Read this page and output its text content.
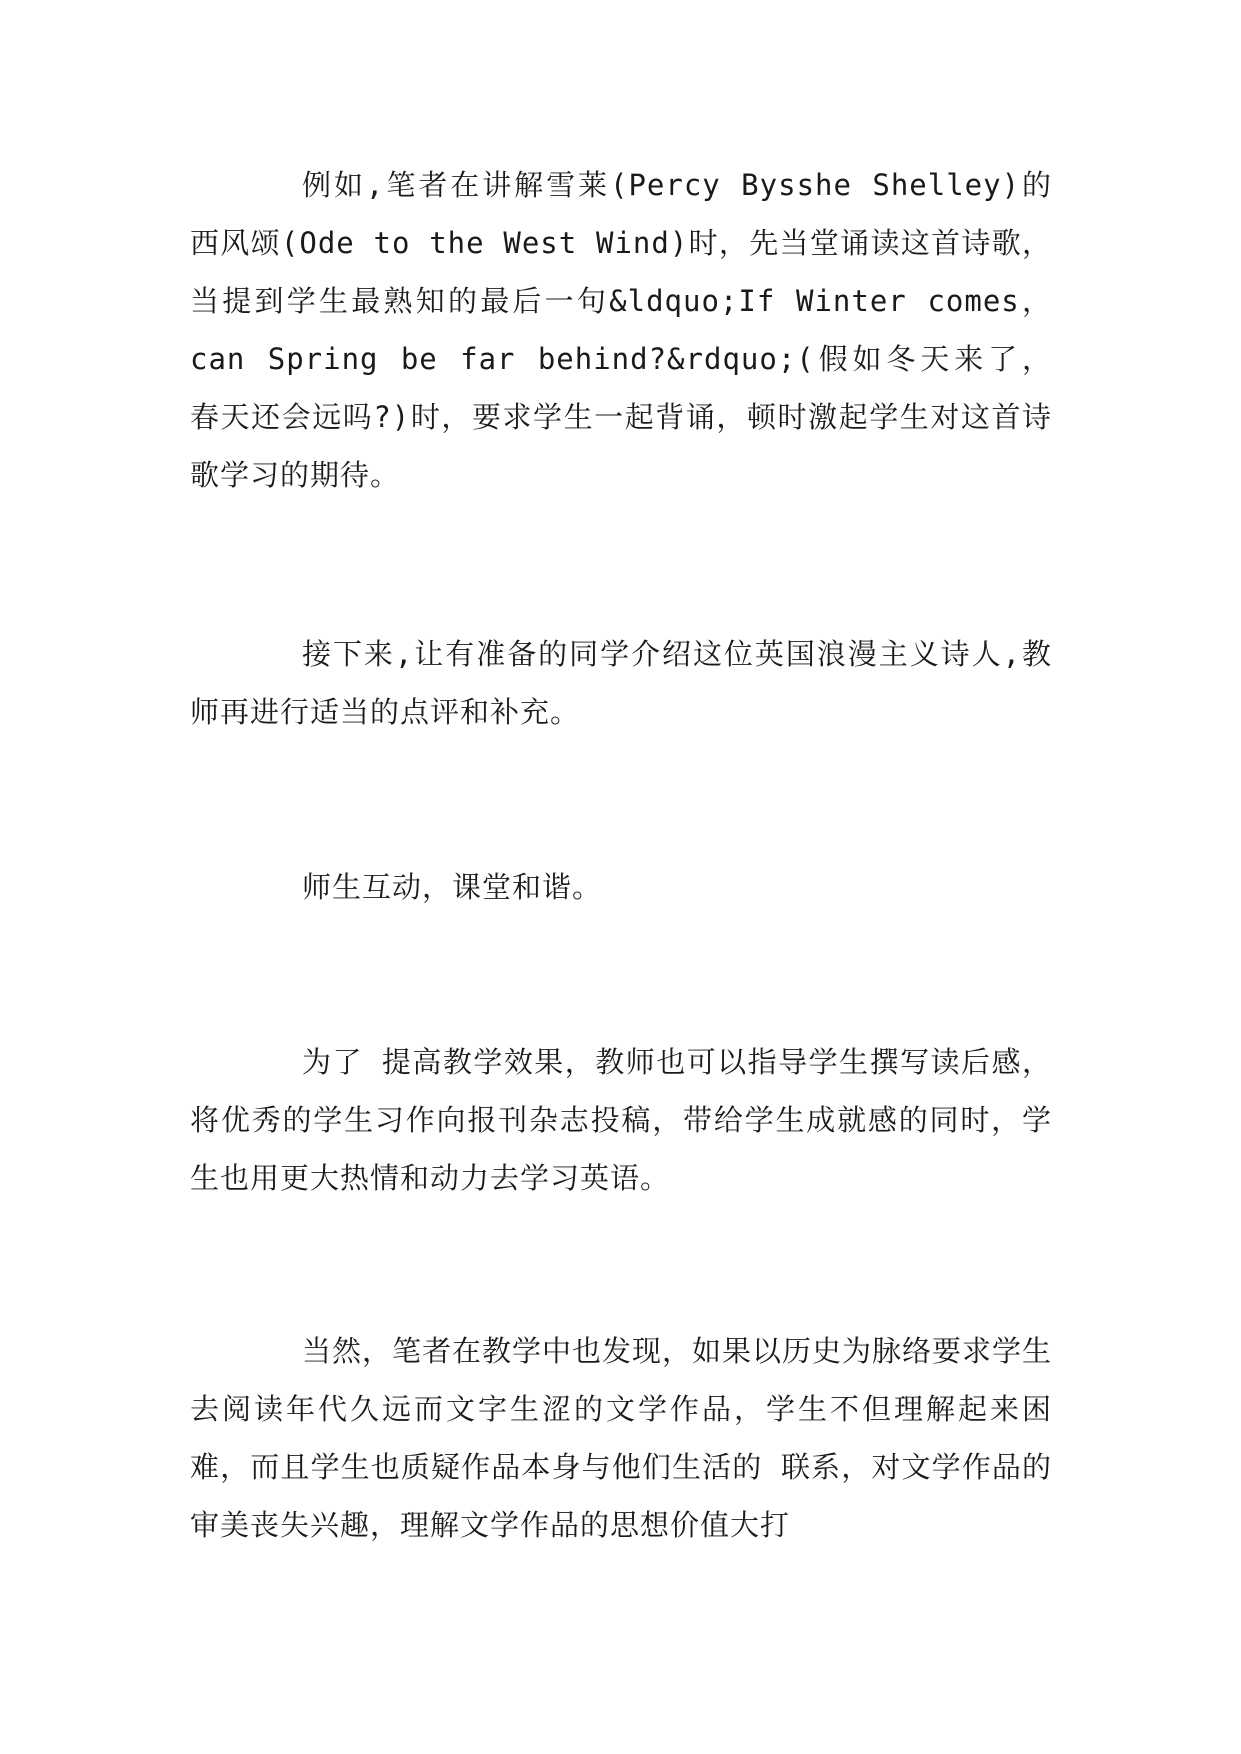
例如,笔者在讲解雪莱(Percy Bysshe Shelley)的西风颂(Ode to the West Wind)时，先当堂诵读这首诗歌，当提到学生最熟知的最后一句&ldquo;If Winter comes， can Spring be far behind?&rdquo;(假如冬天来了， 春天还会远吗?)时，要求学生一起背诵，顿时激起学生对这首诗歌学习的期待。

接下来,让有准备的同学介绍这位英国浪漫主义诗人,教师再进行适当的点评和补充。

师生互动，课堂和谐。

为了 提高教学效果，教师也可以指导学生撰写读后感，将优秀的学生习作向报刊杂志投稿，带给学生成就感的同时，学生也用更大热情和动力去学习英语。

当然，笔者在教学中也发现，如果以历史为脉络要求学生去阅读年代久远而文字生涩的文学作品，学生不但理解起来困难，而且学生也质疑作品本身与他们生活的 联系，对文学作品的审美丧失兴趣，理解文学作品的思想价值大打
